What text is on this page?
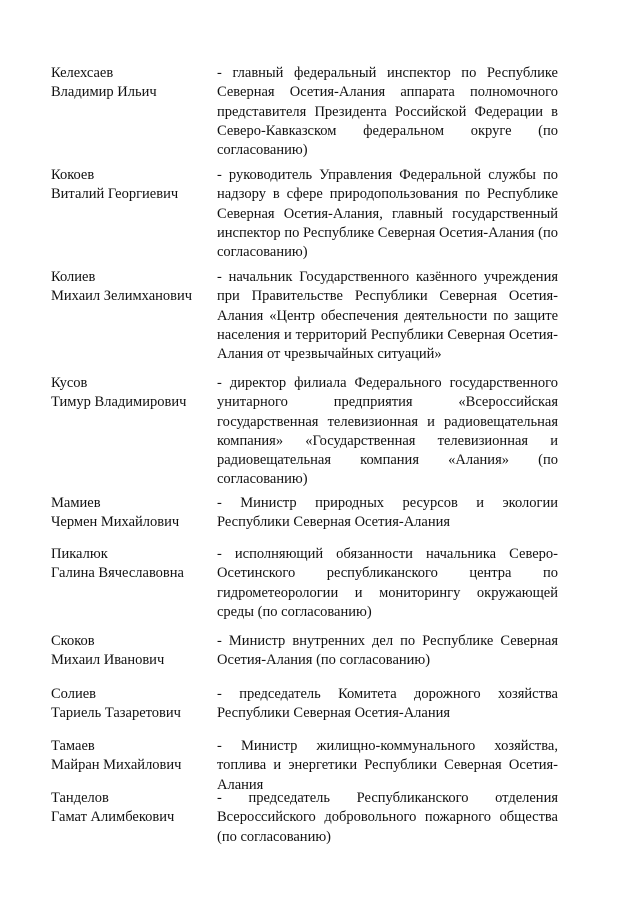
Келехсаев
Владимир Ильич
- главный федеральный инспектор по Республике Северная Осетия-Алания аппарата полномочного представителя Президента Российской Федерации в Северо-Кавказском федеральном округе (по согласованию)
Кокоев
Виталий Георгиевич
- руководитель Управления Федеральной службы по надзору в сфере природопользования по Республике Северная Осетия-Алания, главный государственный инспектор по Республике Северная Осетия-Алания (по согласованию)
Колиев
Михаил Зелимханович
- начальник Государственного казённого учреждения при Правительстве Республики Северная Осетия-Алания «Центр обеспечения деятельности по защите населения и территорий Республики Северная Осетия-Алания от чрезвычайных ситуаций»
Кусов
Тимур Владимирович
- директор филиала Федерального государственного унитарного предприятия «Всероссийская государственная телевизионная и радиовещательная компания» «Государственная телевизионная и радиовещательная компания «Алания» (по согласованию)
Мамиев
Чермен Михайлович
- Министр природных ресурсов и экологии Республики Северная Осетия-Алания
Пикалюк
Галина Вячеславовна
- исполняющий обязанности начальника Северо-Осетинского республиканского центра по гидрометеорологии и мониторингу окружающей среды (по согласованию)
Скоков
Михаил Иванович
- Министр внутренних дел по Республике Северная Осетия-Алания (по согласованию)
Солиев
Тариель Тазаретович
- председатель Комитета дорожного хозяйства Республики Северная Осетия-Алания
Тамаев
Майран Михайлович
- Министр жилищно-коммунального хозяйства, топлива и энергетики Республики Северная Осетия-Алания
Танделов
Гамат Алимбекович
- председатель Республиканского отделения Всероссийского добровольного пожарного общества (по согласованию)
